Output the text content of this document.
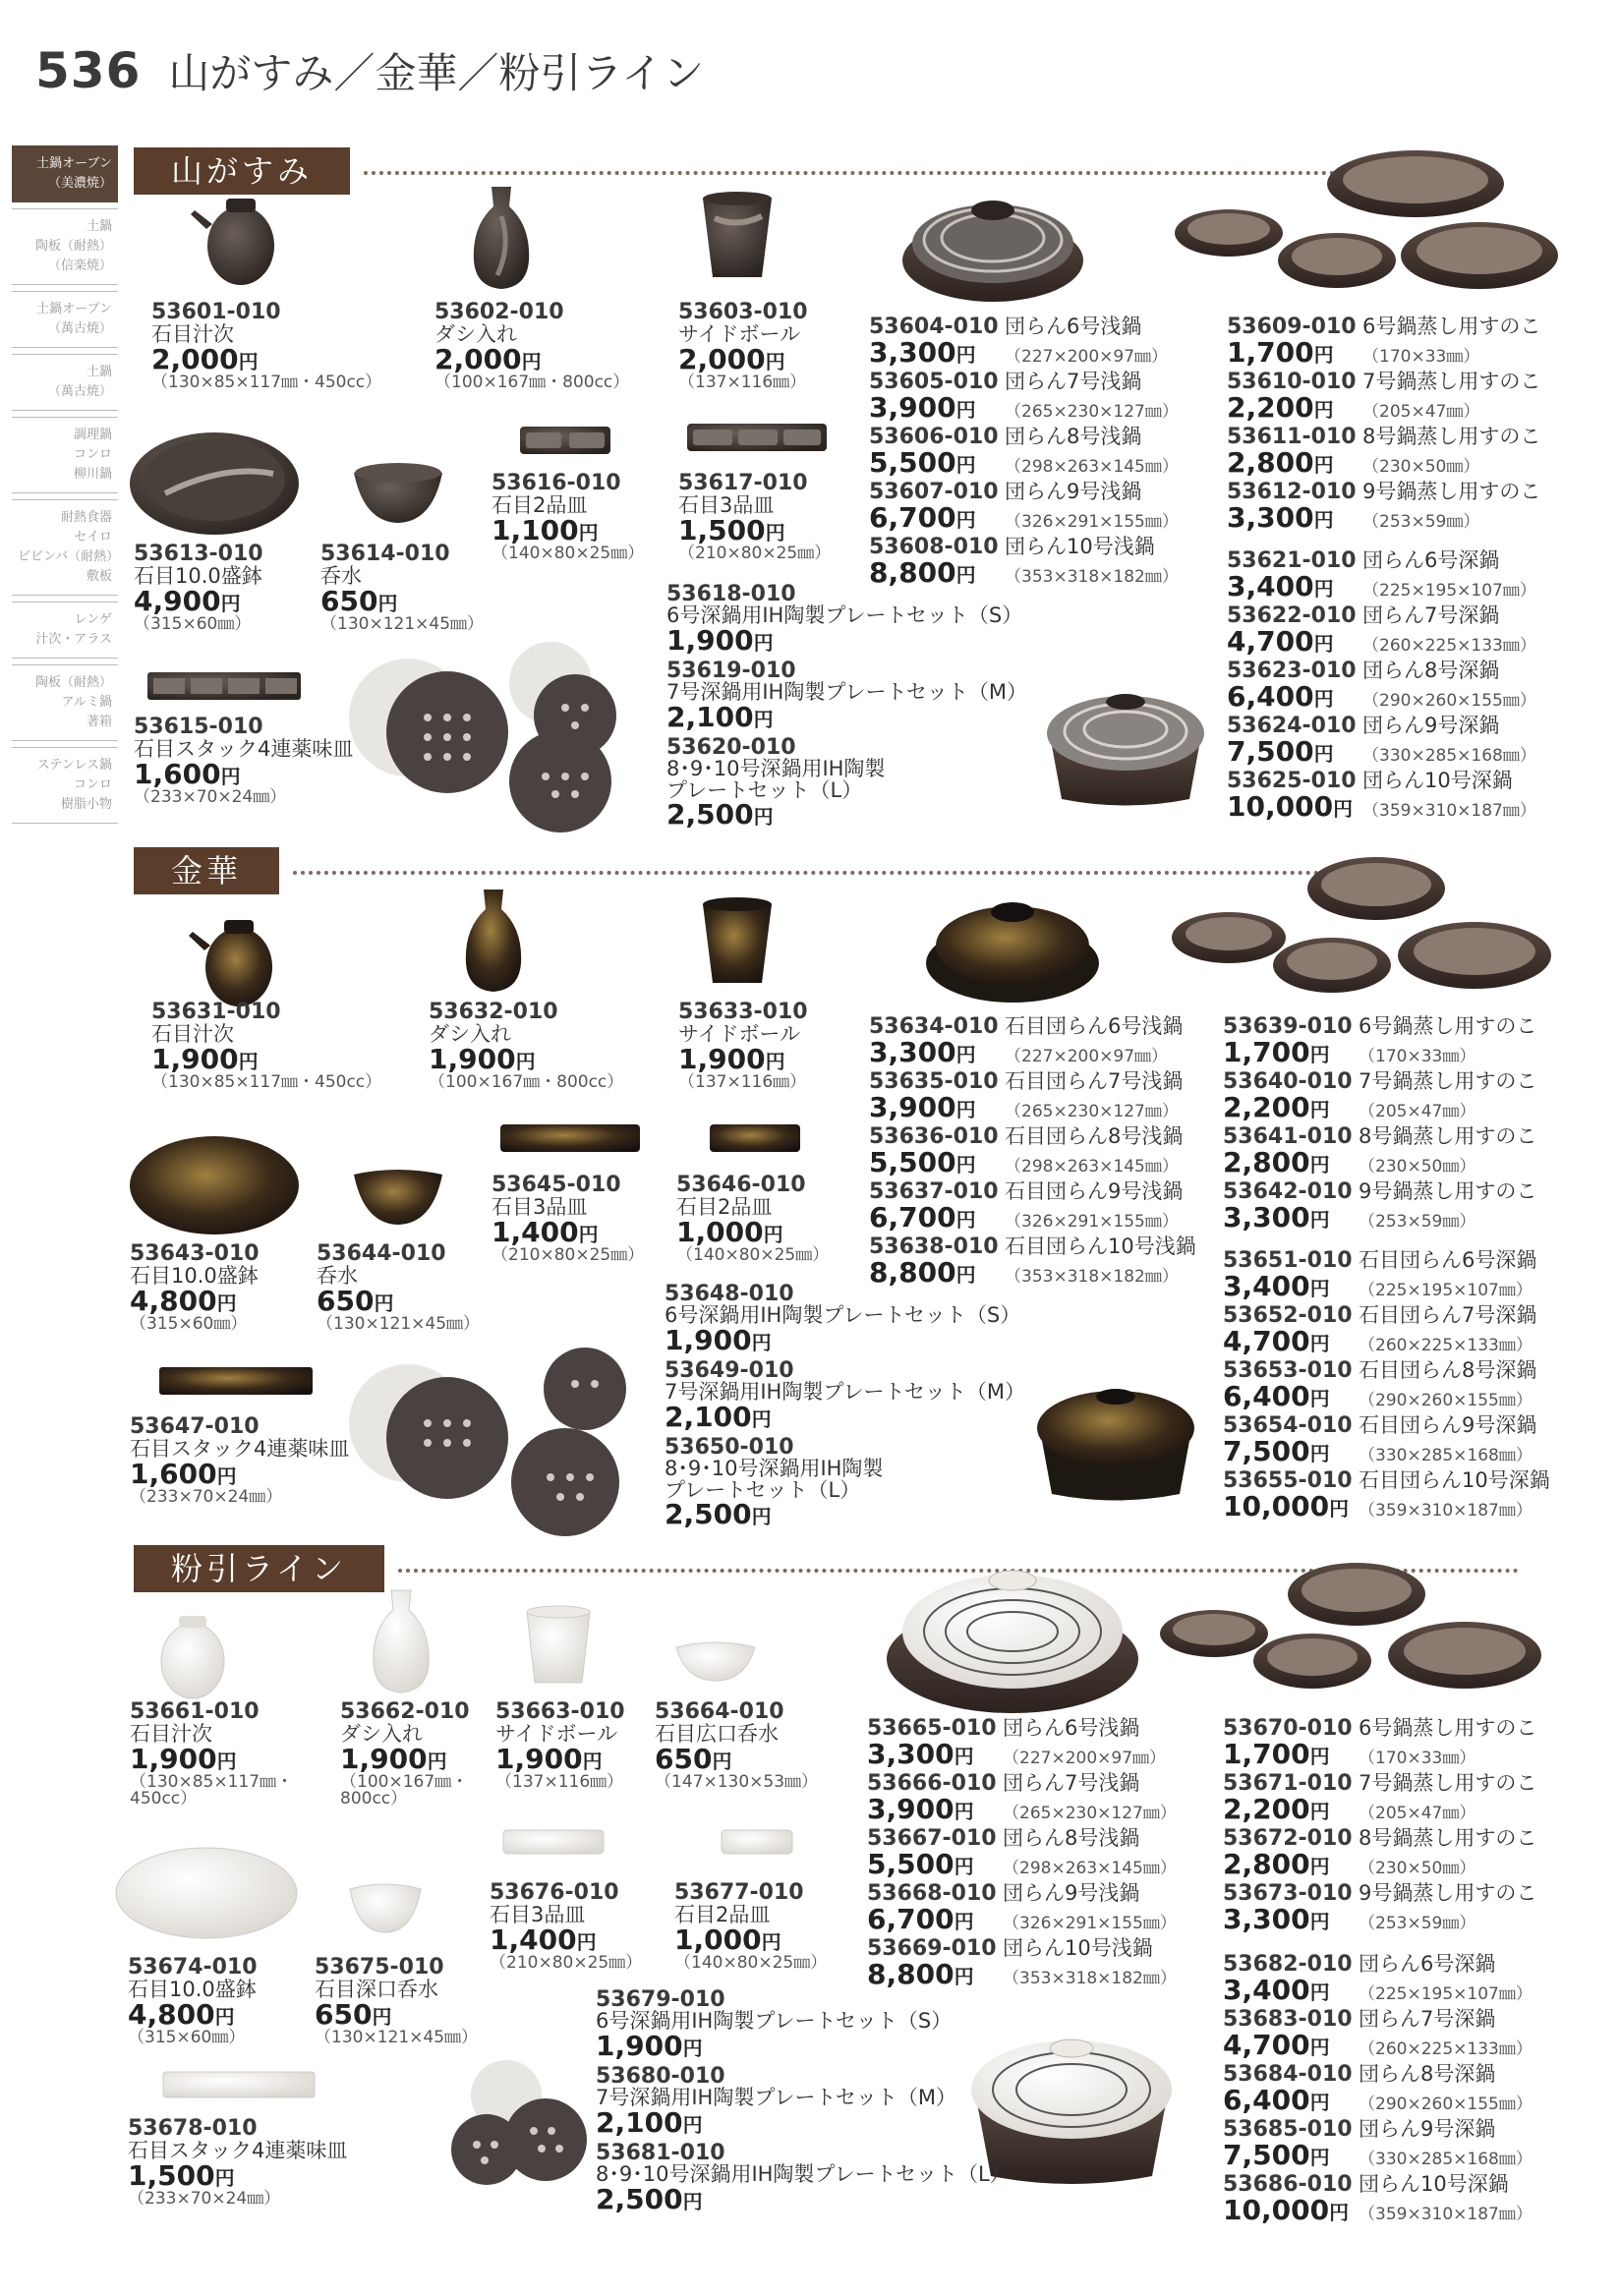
536 山がすみ／金華／粉引ライン
土鍋オーブン
（美濃焼）
土鍋
陶板（耐熱）
（信楽焼）
土鍋オーブン
（萬古焼）
土鍋
（萬古焼）
調理鍋
コンロ
柳川鍋
耐熱食器
セイロ
ビビンバ（耐熱）
敷板
レンゲ
汁次・アラス
陶板（耐熱）
アルミ鍋
著箱
ステンレス鍋
コンロ
樹脂小物
山がすみ
53601-010
石目汁次
2,000円
（130×85×117㎜・450cc）
53602-010
ダシ入れ
2,000円
（100×167㎜・800cc）
53603-010
サイドボール
2,000円
（137×116㎜）
53613-010
石目10.0盛鉢
4,900円
（315×60㎜）
53614-010
呑水
650円
（130×121×45㎜）
53616-010
石目2品皿
1,100円
（140×80×25㎜）
53617-010
石目3品皿
1,500円
（210×80×25㎜）
53615-010
石目スタック4連薬味皿
1,600円
（233×70×24㎜）
53618-010
6号深鍋用IH陶製プレートセット（S）
1,900円
53619-010
7号深鍋用IH陶製プレートセット（M）
2,100円
53620-010
8･9･10号深鍋用IH陶製
プレートセット（L）
2,500円
53604-010 団らん6号浅鍋
3,300円 （227×200×97㎜）
53605-010 団らん7号浅鍋
3,900円 （265×230×127㎜）
53606-010 団らん8号浅鍋
5,500円 （298×263×145㎜）
53607-010 団らん9号浅鍋
6,700円 （326×291×155㎜）
53608-010 団らん10号浅鍋
8,800円 （353×318×182㎜）
53609-010 6号鍋蒸し用すのこ
1,700円 （170×33㎜）
53610-010 7号鍋蒸し用すのこ
2,200円 （205×47㎜）
53611-010 8号鍋蒸し用すのこ
2,800円 （230×50㎜）
53612-010 9号鍋蒸し用すのこ
3,300円 （253×59㎜）
53621-010 団らん6号深鍋
3,400円 （225×195×107㎜）
53622-010 団らん7号深鍋
4,700円 （260×225×133㎜）
53623-010 団らん8号深鍋
6,400円 （290×260×155㎜）
53624-010 団らん9号深鍋
7,500円 （330×285×168㎜）
53625-010 団らん10号深鍋
10,000円 （359×310×187㎜）
金華
53631-010
石目汁次
1,900円
（130×85×117㎜・450cc）
53632-010
ダシ入れ
1,900円
（100×167㎜・800cc）
53633-010
サイドボール
1,900円
（137×116㎜）
53643-010
石目10.0盛鉢
4,800円
（315×60㎜）
53644-010
呑水
650円
（130×121×45㎜）
53645-010
石目3品皿
1,400円
（210×80×25㎜）
53646-010
石目2品皿
1,000円
（140×80×25㎜）
53647-010
石目スタック4連薬味皿
1,600円
（233×70×24㎜）
53648-010
6号深鍋用IH陶製プレートセット（S）
1,900円
53649-010
7号深鍋用IH陶製プレートセット（M）
2,100円
53650-010
8･9･10号深鍋用IH陶製
プレートセット（L）
2,500円
53634-010 石目団らん6号浅鍋
3,300円 （227×200×97㎜）
53635-010 石目団らん7号浅鍋
3,900円 （265×230×127㎜）
53636-010 石目団らん8号浅鍋
5,500円 （298×263×145㎜）
53637-010 石目団らん9号浅鍋
6,700円 （326×291×155㎜）
53638-010 石目団らん10号浅鍋
8,800円 （353×318×182㎜）
53639-010 6号鍋蒸し用すのこ
1,700円 （170×33㎜）
53640-010 7号鍋蒸し用すのこ
2,200円 （205×47㎜）
53641-010 8号鍋蒸し用すのこ
2,800円 （230×50㎜）
53642-010 9号鍋蒸し用すのこ
3,300円 （253×59㎜）
53651-010 石目団らん6号深鍋
3,400円 （225×195×107㎜）
53652-010 石目団らん7号深鍋
4,700円 （260×225×133㎜）
53653-010 石目団らん8号深鍋
6,400円 （290×260×155㎜）
53654-010 石目団らん9号深鍋
7,500円 （330×285×168㎜）
53655-010 石目団らん10号深鍋
10,000円 （359×310×187㎜）
粉引ライン
53661-010
石目汁次
1,900円
（130×85×117㎜・
450cc）
53662-010
ダシ入れ
1,900円
（100×167㎜・
800cc）
53663-010
サイドボール
1,900円
（137×116㎜）
53664-010
石目広口呑水
650円
（147×130×53㎜）
53674-010
石目10.0盛鉢
4,800円
（315×60㎜）
53675-010
石目深口呑水
650円
（130×121×45㎜）
53676-010
石目3品皿
1,400円
（210×80×25㎜）
53677-010
石目2品皿
1,000円
（140×80×25㎜）
53678-010
石目スタック4連薬味皿
1,500円
（233×70×24㎜）
53679-010
6号深鍋用IH陶製プレートセット（S）
1,900円
53680-010
7号深鍋用IH陶製プレートセット（M）
2,100円
53681-010
8･9･10号深鍋用IH陶製プレートセット（L）
2,500円
53665-010 団らん6号浅鍋
3,300円 （227×200×97㎜）
53666-010 団らん7号浅鍋
3,900円 （265×230×127㎜）
53667-010 団らん8号浅鍋
5,500円 （298×263×145㎜）
53668-010 団らん9号浅鍋
6,700円 （326×291×155㎜）
53669-010 団らん10号浅鍋
8,800円 （353×318×182㎜）
53670-010 6号鍋蒸し用すのこ
1,700円 （170×33㎜）
53671-010 7号鍋蒸し用すのこ
2,200円 （205×47㎜）
53672-010 8号鍋蒸し用すのこ
2,800円 （230×50㎜）
53673-010 9号鍋蒸し用すのこ
3,300円 （253×59㎜）
53682-010 団らん6号深鍋
3,400円 （225×195×107㎜）
53683-010 団らん7号深鍋
4,700円 （260×225×133㎜）
53684-010 団らん8号深鍋
6,400円 （290×260×155㎜）
53685-010 団らん9号深鍋
7,500円 （330×285×168㎜）
53686-010 団らん10号深鍋
10,000円 （359×310×187㎜）
